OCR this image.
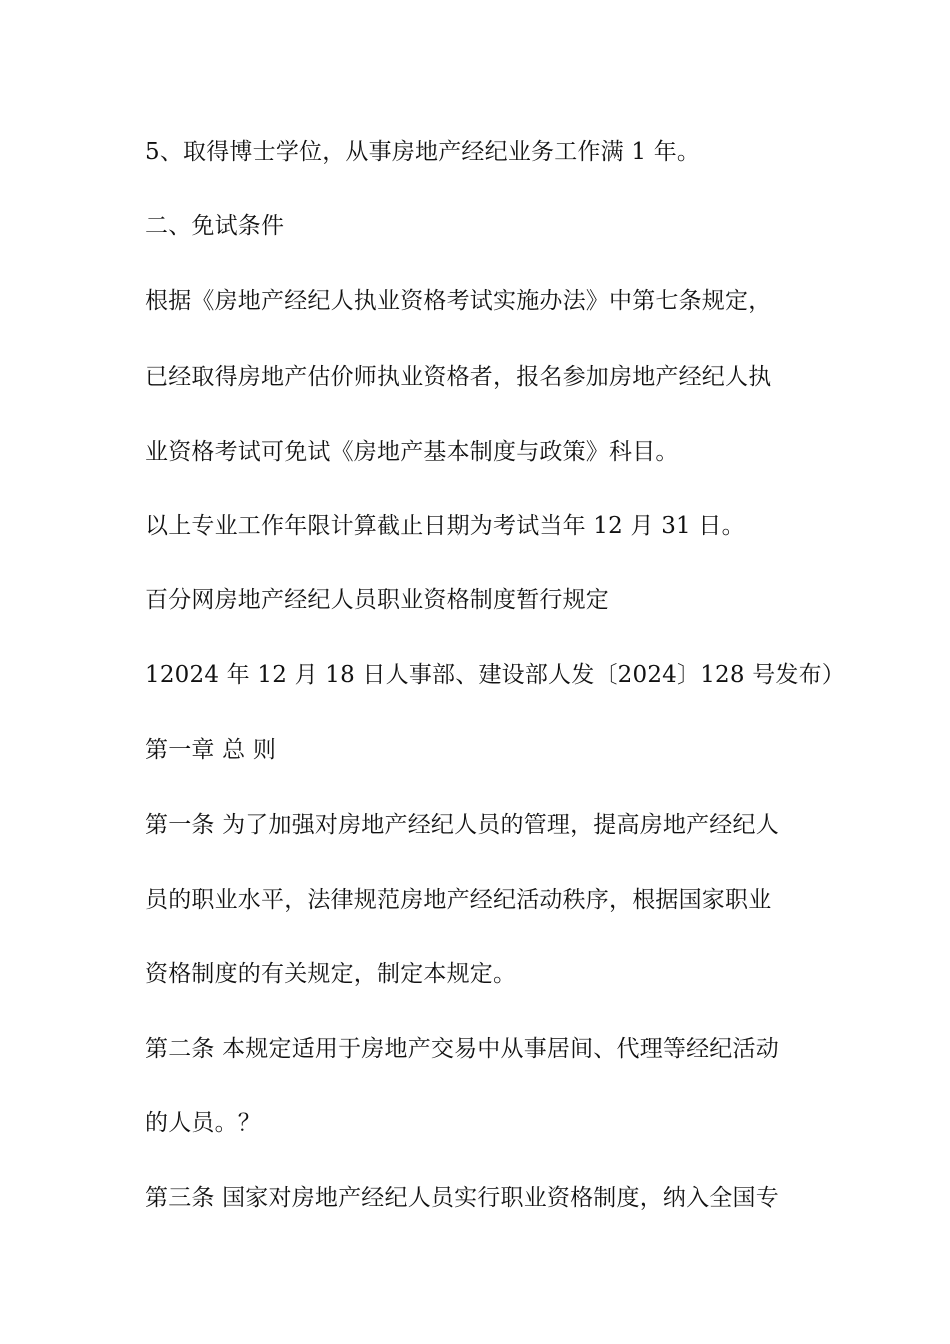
5、取得博士学位，从事房地产经纪业务工作满 1 年。
二、免试条件
根据《房地产经纪人执业资格考试实施办法》中第七条规定，
已经取得房地产估价师执业资格者，报名参加房地产经纪人执
业资格考试可免试《房地产基本制度与政策》科目。
以上专业工作年限计算截止日期为考试当年 12 月 31 日。
百分网房地产经纪人员职业资格制度暂行规定
12024 年 12 月 18 日人事部、建设部人发〔2024〕128 号发布）
第一章 总 则
第一条 为了加强对房地产经纪人员的管理，提高房地产经纪人
员的职业水平，法律规范房地产经纪活动秩序，根据国家职业
资格制度的有关规定，制定本规定。
第二条 本规定适用于房地产交易中从事居间、代理等经纪活动
的人员。？
第三条 国家对房地产经纪人员实行职业资格制度，纳入全国专
